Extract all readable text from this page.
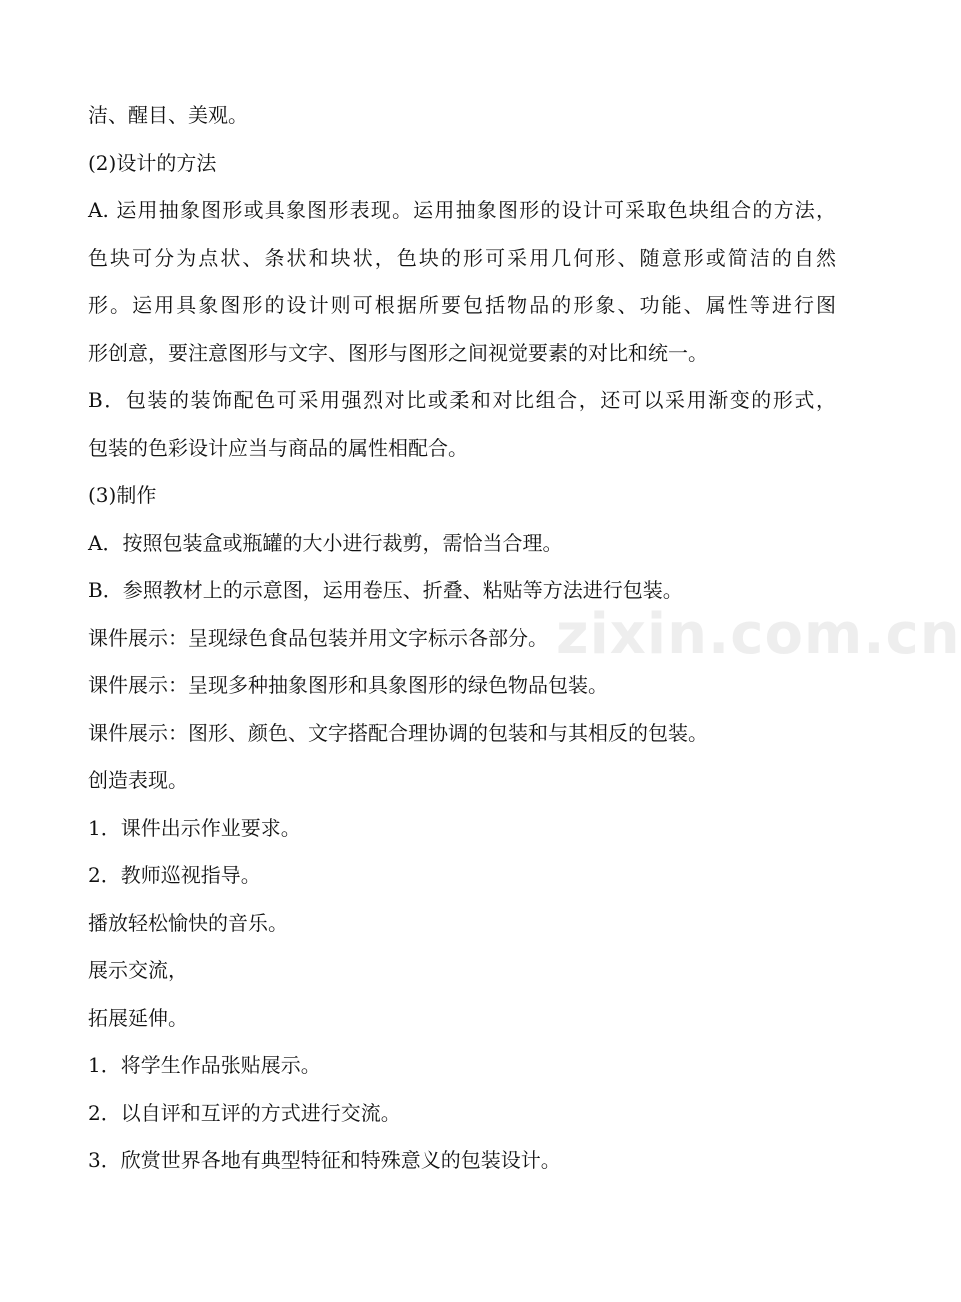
洁、醒目、美观。

(2)设计的方法

A. 运用抽象图形或具象图形表现。运用抽象图形的设计可采取色块组合的方法，

色块可分为点状、条状和块状，色块的形可采用几何形、随意形或简洁的自然

形。运用具象图形的设计则可根据所要包括物品的形象、功能、属性等进行图

形创意，要注意图形与文字、图形与图形之间视觉要素的对比和统一。

B．包装的装饰配色可采用强烈对比或柔和对比组合，还可以采用渐变的形式，

包装的色彩设计应当与商品的属性相配合。

(3)制作

A．按照包装盒或瓶罐的大小进行裁剪，需恰当合理。

B．参照教材上的示意图，运用卷压、折叠、粘贴等方法进行包装。

课件展示：呈现绿色食品包装并用文字标示各部分。

课件展示：呈现多种抽象图形和具象图形的绿色物品包装。

课件展示：图形、颜色、文字搭配合理协调的包装和与其相反的包装。

创造表现。

1．课件出示作业要求。

2．教师巡视指导。

播放轻松愉快的音乐。

展示交流，

拓展延伸。

1．将学生作品张贴展示。

2．以自评和互评的方式进行交流。

3．欣赏世界各地有典型特征和特殊意义的包装设计。

zixin.com.cn
